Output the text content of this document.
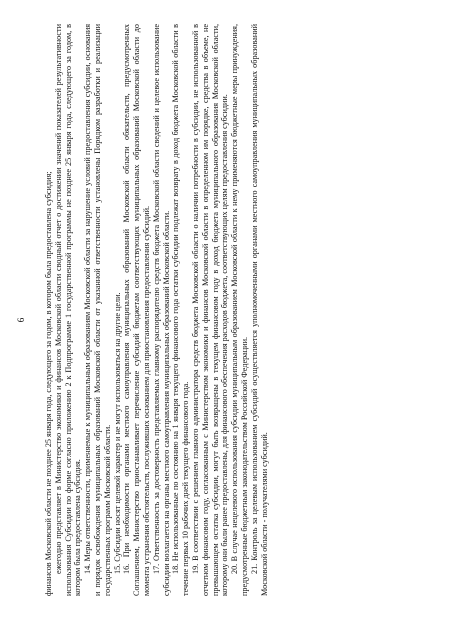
6 финансов Московской области не позднее 25 января года, следующего за годом, в котором была предоставлена субсидия; ежегодно представляет в Министерство экономики и финансов Московской области сводный отчет о достижении значений показателей результативности использования Субсидии по форме согласно приложению 2 к Подпрограмме 1 государственной программы не позднее 25 января года, следующего за годом, в котором была предоставлена субсидия. 14. Меры ответственности, применяемые к муниципальным образованиям Московской области за нарушение условий предоставления субсидии, основания и порядок освобождения муниципальных образований Московской области от указанной ответственности установлены Порядком разработки и реализации государственных программ Московской области. 15. Субсидии носят целевой характер и не могут использоваться на другие цели. 16. При необходимости органами местного самоуправления муниципальных образований Московской области обязательств, предусмотренных Соглашением, Министерство приостанавливает перечисление субсидий бюджетам соответствующих муниципальных образований Московской области до момента устранения обстоятельств, послуживших основанием для приостановления предоставления субсидий. 17. Ответственность за достоверность представляемых главному распорядителю средств бюджета Московской области сведений и целевое использование субсидии возлагается на органы местного самоуправления муниципальных образований Московской области. 18. Не использованные по состоянию на 1 января текущего финансового года остатки субсидии подлежат возврату в доход бюджета Московской области в течение первых 10 рабочих дней текущего финансового года. 19. В соответствии с решением главного администратора средств бюджета Московской области о наличии потребности в субсидии, не использованной в отчетном финансовом году, согласованным с Министерством экономики и финансов Московской области в определенном им порядке, средства в объеме, не превышающем остатка субсидии, могут быть возвращены в текущем финансовом году в доход бюджета муниципального образования Московской области, которому они были ранее предоставлены, для финансового обеспечения расходов бюджета, соответствующих целям предоставления субсидии. 20. В случае нецелевого использования субсидии муниципальным образованием Московской области к нему применяются бюджетные меры принуждения, предусмотренные бюджетным законодательством Российской Федерации. 21. Контроль за целевым использованием субсидий осуществляется уполномоченными органами местного самоуправления муниципальных образований Московской области - получателями субсидий.
